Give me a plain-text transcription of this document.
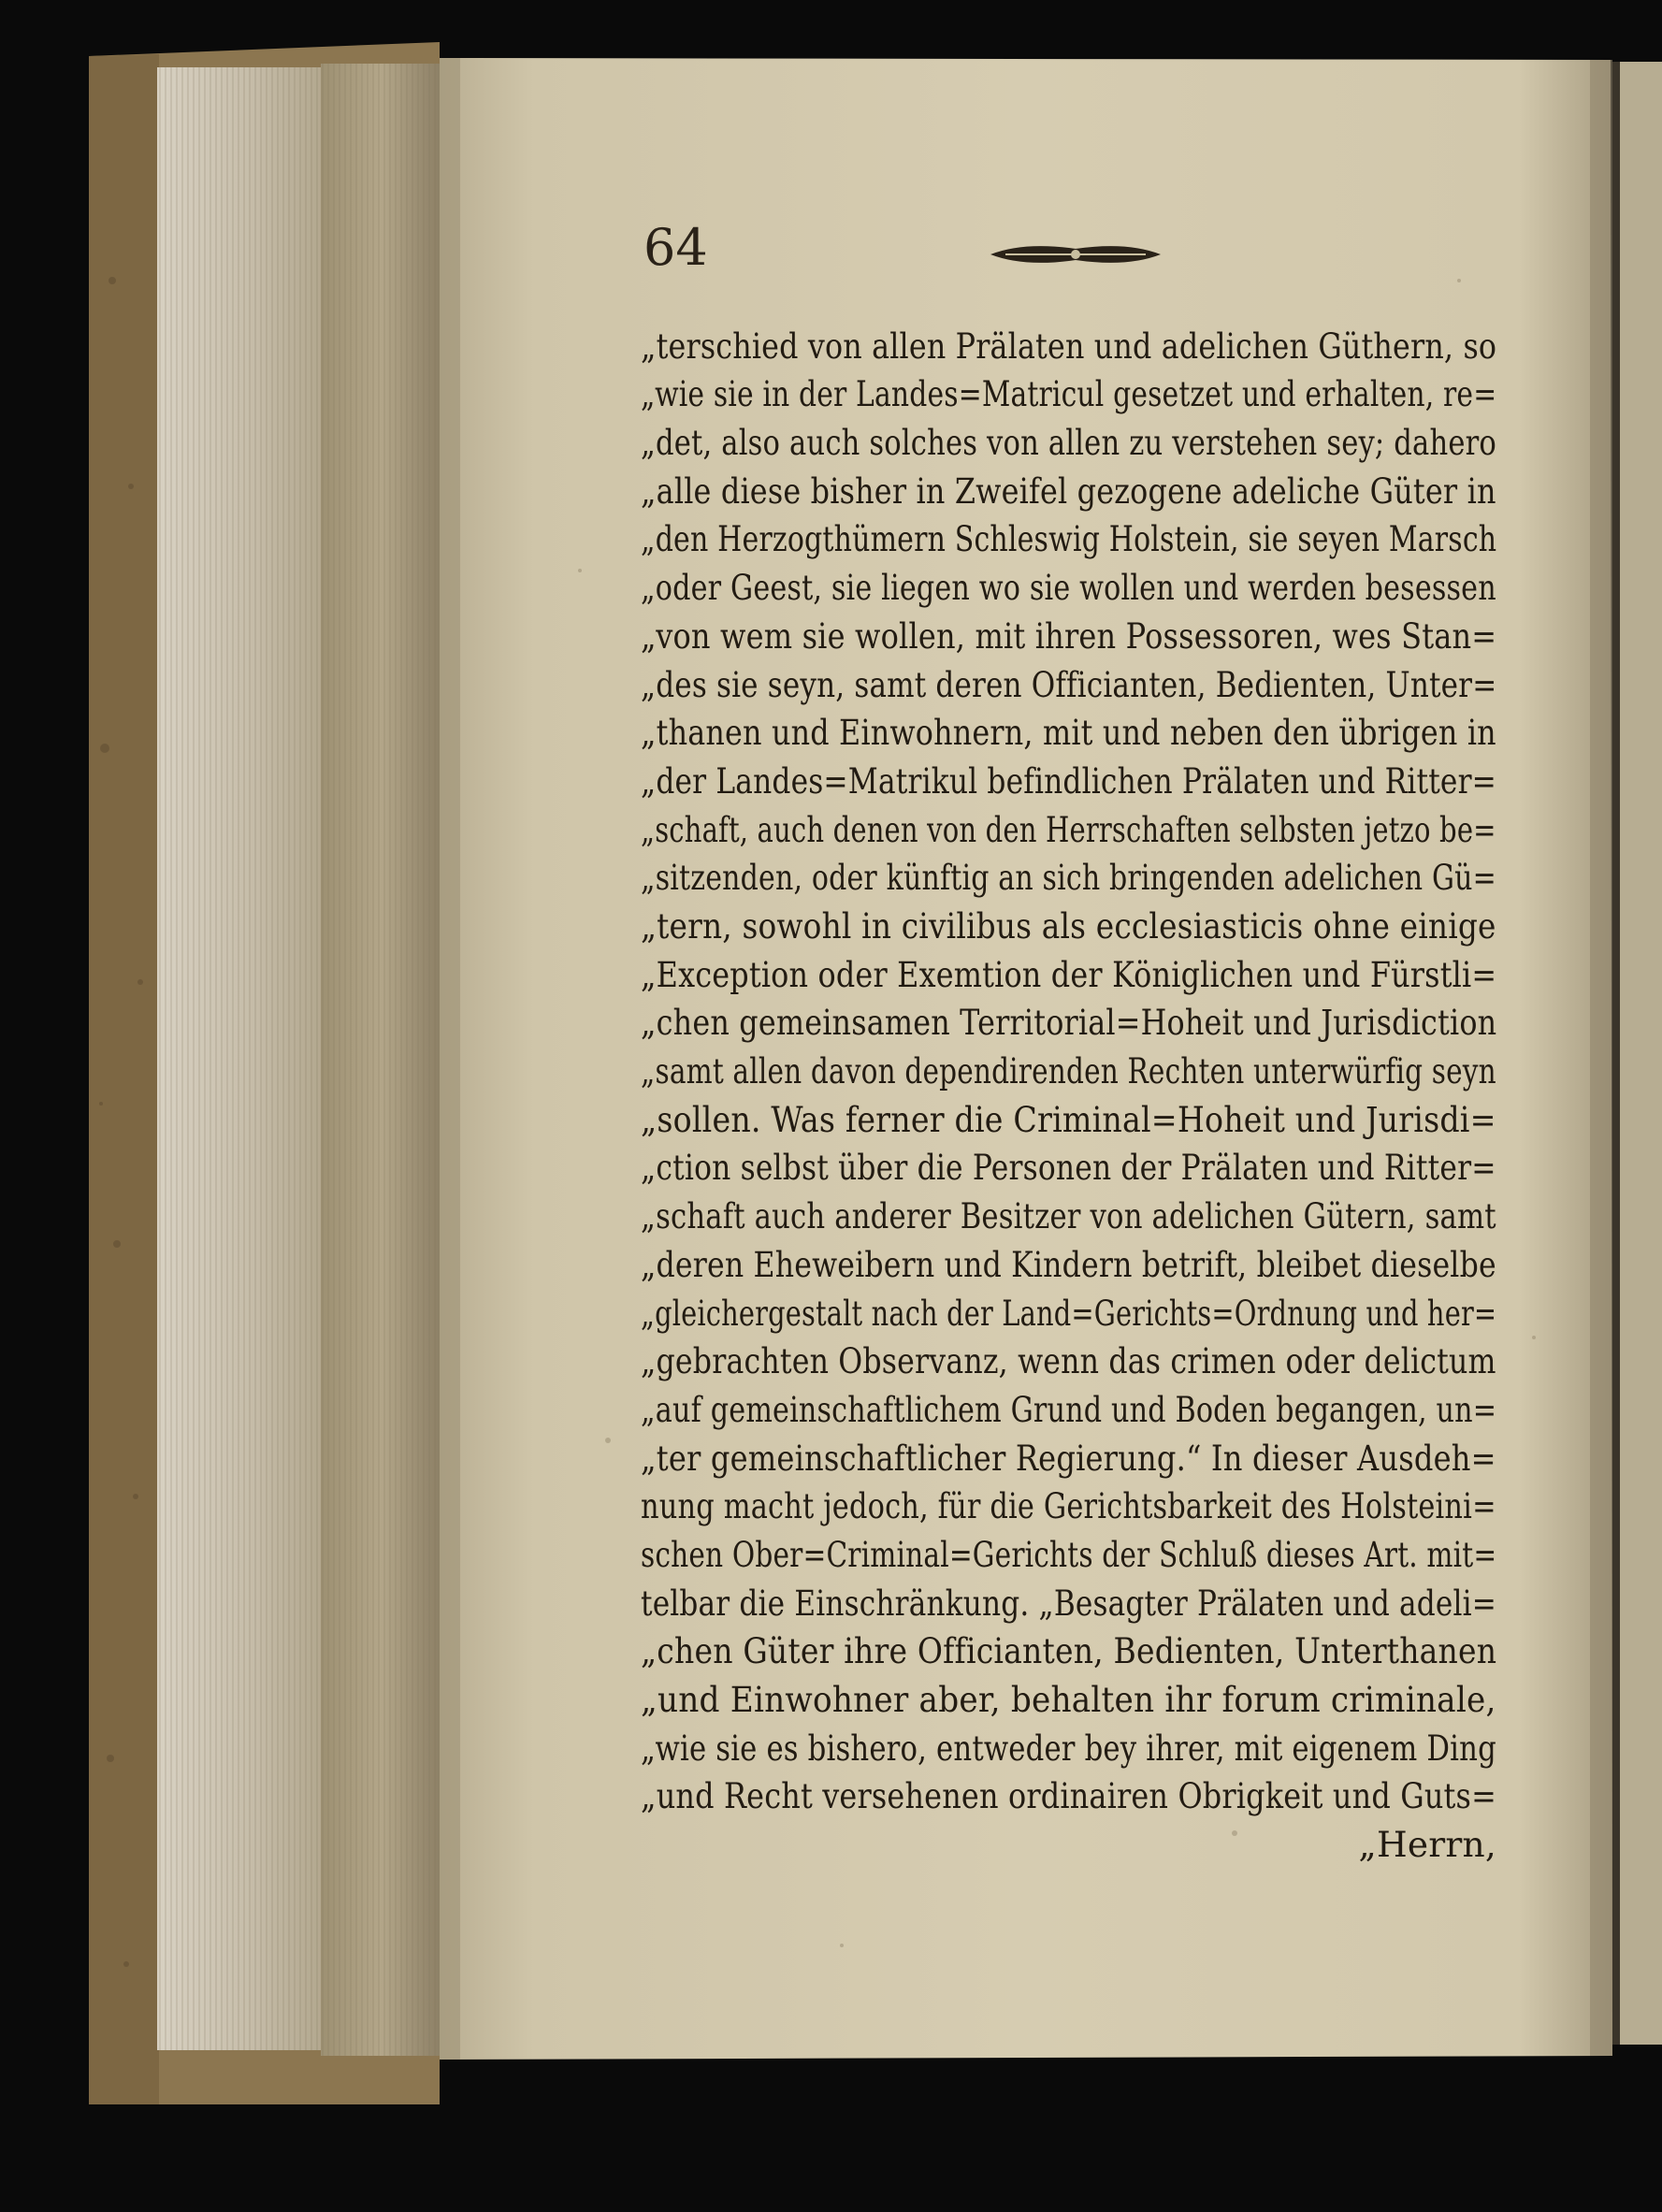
64
„terschied von allen Prälaten und adelichen Güthern, so
„wie sie in der Landes=Matricul gesetzet und erhalten, re=
„det, also auch solches von allen zu verstehen sey; dahero
„alle diese bisher in Zweifel gezogene adeliche Güter in
„den Herzogthümern Schleswig Holstein, sie seyen Marsch
„oder Geest, sie liegen wo sie wollen und werden besessen
„von wem sie wollen, mit ihren Possessoren, wes Stan=
„des sie seyn, samt deren Officianten, Bedienten, Unter=
„thanen und Einwohnern, mit und neben den übrigen in
„der Landes=Matrikul befindlichen Prälaten und Ritter=
„schaft, auch denen von den Herrschaften selbsten jetzo be=
„sitzenden, oder künftig an sich bringenden adelichen Gü=
„tern, sowohl in civilibus als ecclesiasticis ohne einige
„Exception oder Exemtion der Königlichen und Fürstli=
„chen gemeinsamen Territorial=Hoheit und Jurisdiction
„samt allen davon dependirenden Rechten unterwürfig seyn
„sollen. Was ferner die Criminal=Hoheit und Jurisdi=
„ction selbst über die Personen der Prälaten und Ritter=
„schaft auch anderer Besitzer von adelichen Gütern, samt
„deren Eheweibern und Kindern betrift, bleibet dieselbe
„gleichergestalt nach der Land=Gerichts=Ordnung und her=
„gebrachten Observanz, wenn das crimen oder delictum
„auf gemeinschaftlichem Grund und Boden begangen, un=
„ter gemeinschaftlicher Regierung.“ In dieser Ausdeh=
nung macht jedoch, für die Gerichtsbarkeit des Holsteini=
schen Ober=Criminal=Gerichts der Schluß dieses Art. mit=
telbar die Einschränkung. „Besagter Prälaten und adeli=
„chen Güter ihre Officianten, Bedienten, Unterthanen
„und Einwohner aber, behalten ihr forum criminale,
„wie sie es bishero, entweder bey ihrer, mit eigenem Ding
„und Recht versehenen ordinairen Obrigkeit und Guts=
„Herrn,
